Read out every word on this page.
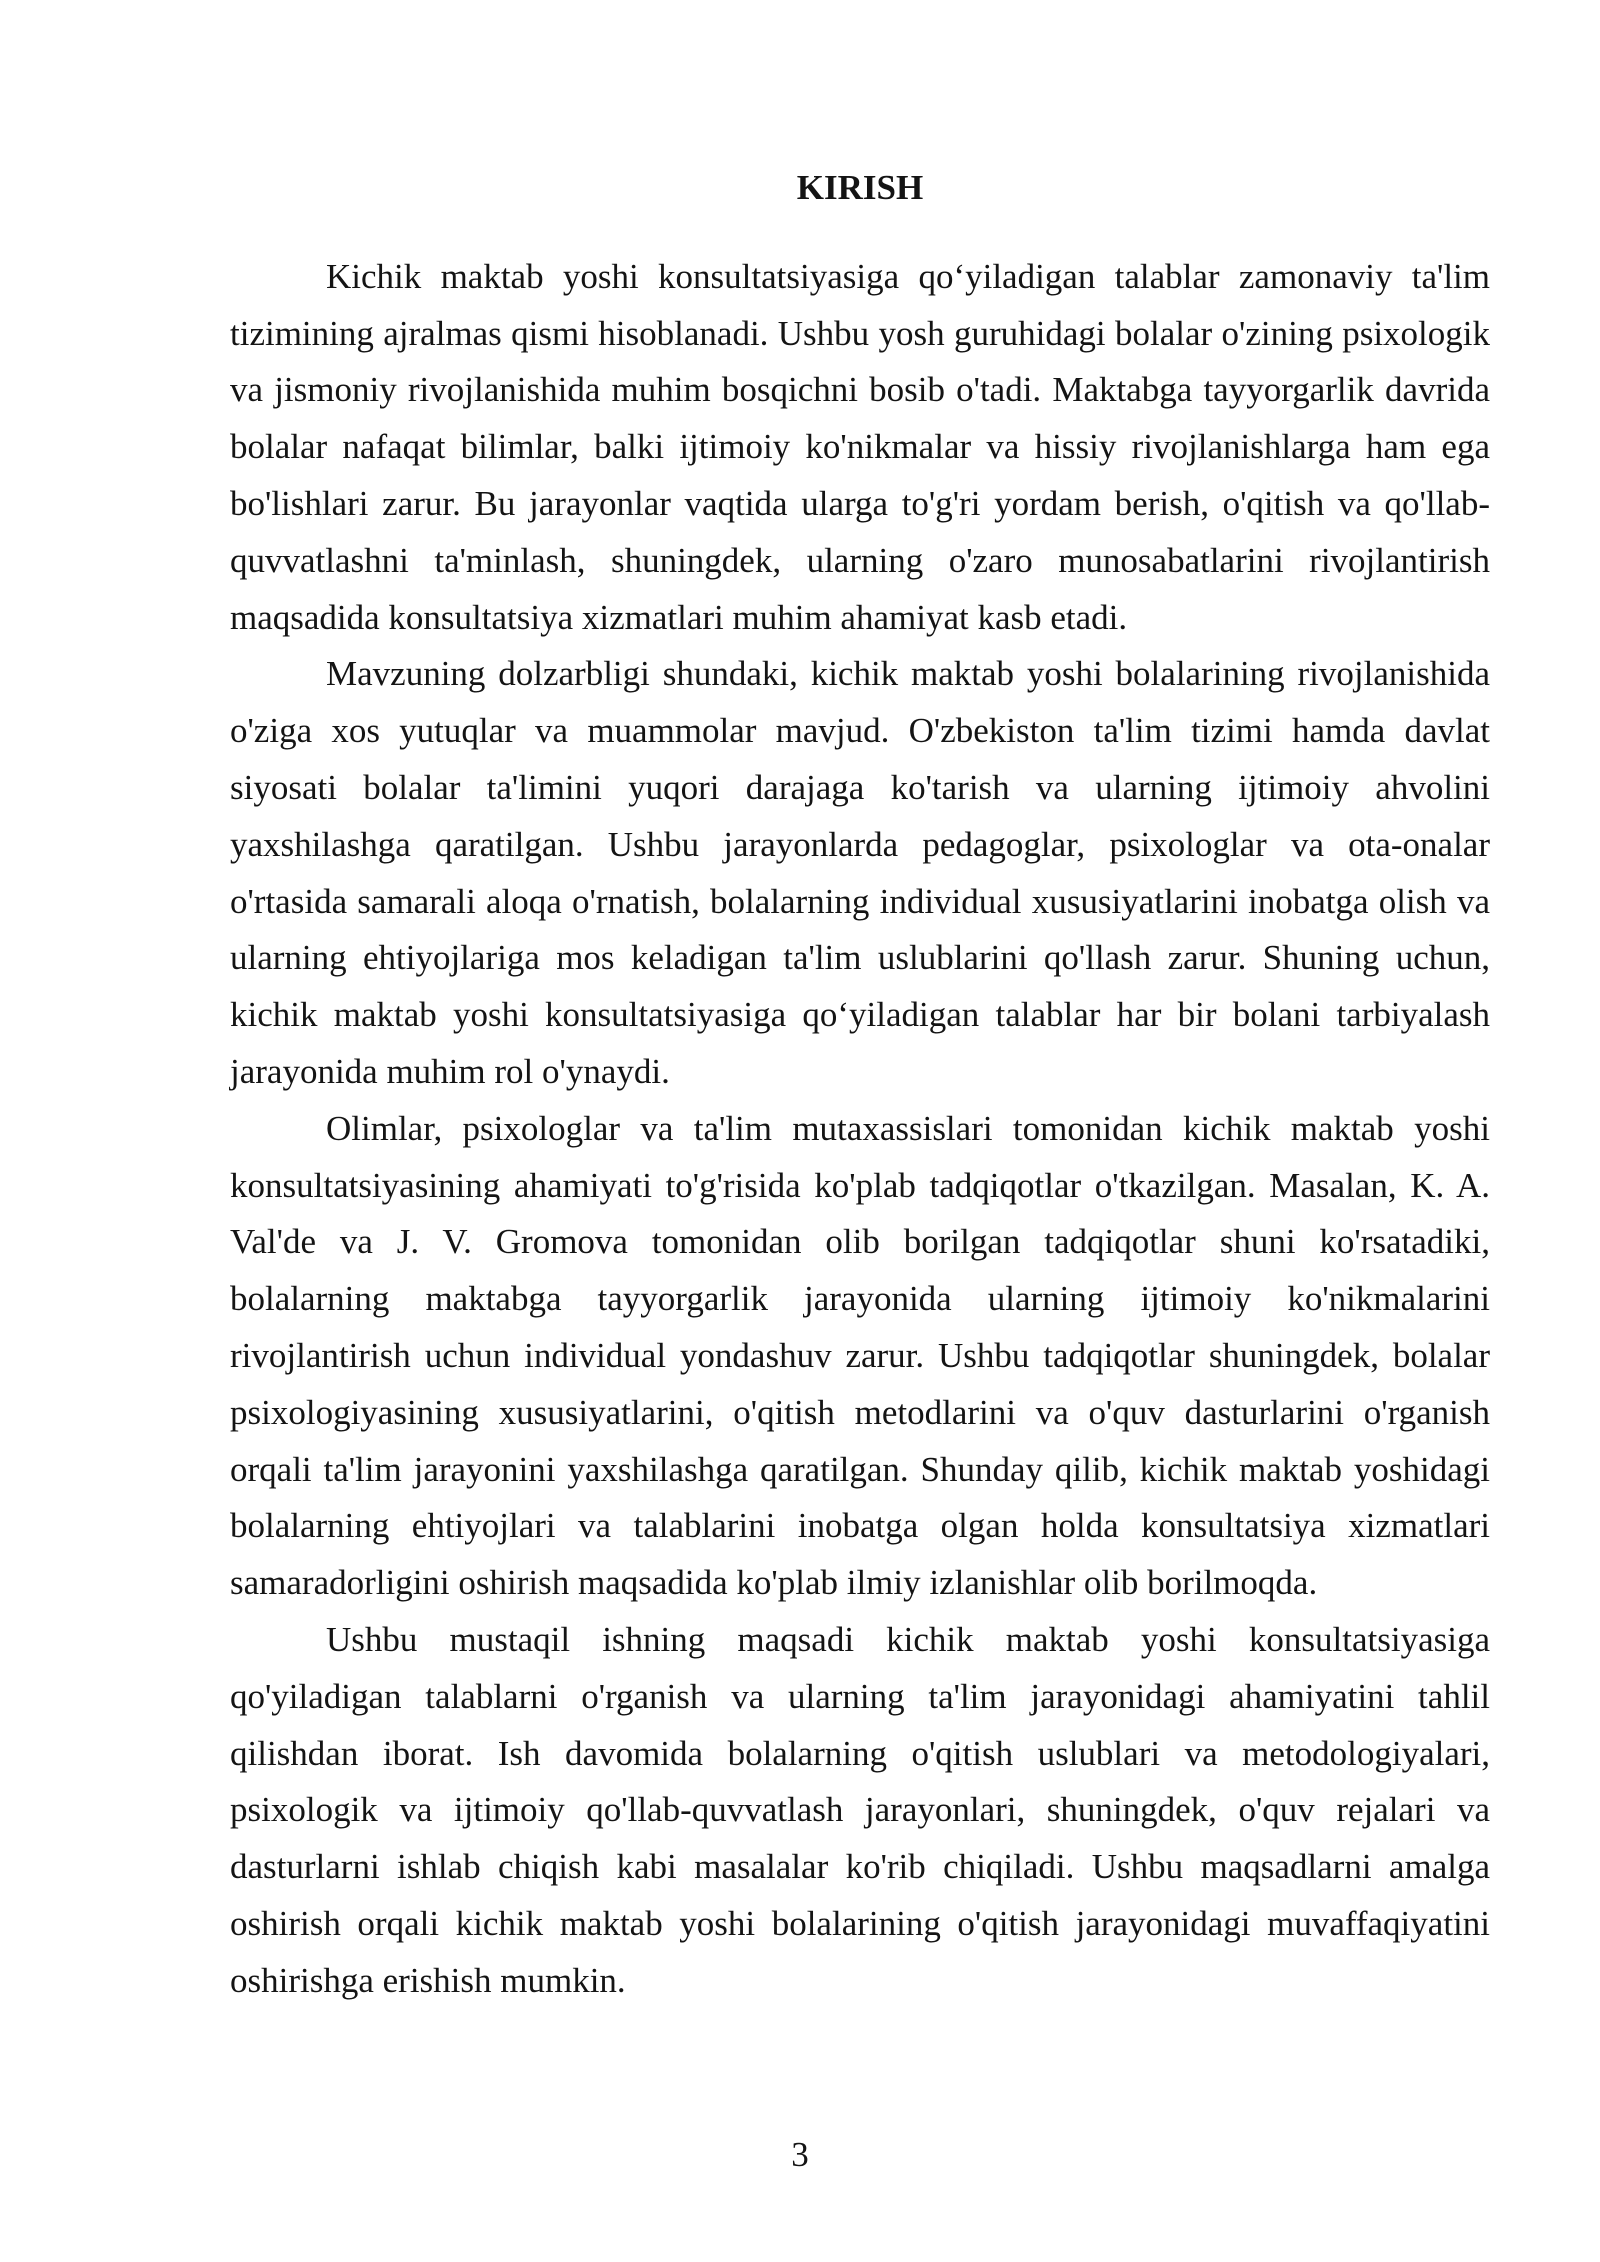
KIRISH

Kichik maktab yoshi konsultatsiyasiga qo‘yiladigan talablar zamonaviy ta'lim tizimining ajralmas qismi hisoblanadi. Ushbu yosh guruhidagi bolalar o'zining psixologik va jismoniy rivojlanishida muhim bosqichni bosib o'tadi. Maktabga tayyorgarlik davrida bolalar nafaqat bilimlar, balki ijtimoiy ko'nikmalar va hissiy rivojlanishlarga ham ega bo'lishlari zarur. Bu jarayonlar vaqtida ularga to'g'ri yordam berish, o'qitish va qo'llab-quvvatlashni ta'minlash, shuningdek, ularning o'zaro munosabatlarini rivojlantirish maqsadida konsultatsiya xizmatlari muhim ahamiyat kasb etadi.

Mavzuning dolzarbligi shundaki, kichik maktab yoshi bolalarining rivojlanishida o'ziga xos yutuqlar va muammolar mavjud. O'zbekiston ta'lim tizimi hamda davlat siyosati bolalar ta'limini yuqori darajaga ko'tarish va ularning ijtimoiy ahvolini yaxshilashga qaratilgan. Ushbu jarayonlarda pedagoglar, psixologlar va ota-onalar o'rtasida samarali aloqa o'rnatish, bolalarning individual xususiyatlarini inobatga olish va ularning ehtiyojlariga mos keladigan ta'lim uslublarini qo'llash zarur. Shuning uchun, kichik maktab yoshi konsultatsiyasiga qo‘yiladigan talablar har bir bolani tarbiyalash jarayonida muhim rol o'ynaydi.

Olimlar, psixologlar va ta'lim mutaxassislari tomonidan kichik maktab yoshi konsultatsiyasining ahamiyati to'g'risida ko'plab tadqiqotlar o'tkazilgan. Masalan, K. A. Val'de va J. V. Gromova tomonidan olib borilgan tadqiqotlar shuni ko'rsatadiki, bolalarning maktabga tayyorgarlik jarayonida ularning ijtimoiy ko'nikmalarini rivojlantirish uchun individual yondashuv zarur. Ushbu tadqiqotlar shuningdek, bolalar psixologiyasining xususiyatlarini, o'qitish metodlarini va o'quv dasturlarini o'rganish orqali ta'lim jarayonini yaxshilashga qaratilgan. Shunday qilib, kichik maktab yoshidagi bolalarning ehtiyojlari va talablarini inobatga olgan holda konsultatsiya xizmatlari samaradorligini oshirish maqsadida ko'plab ilmiy izlanishlar olib borilmoqda.

Ushbu mustaqil ishning maqsadi kichik maktab yoshi konsultatsiyasiga qo'yiladigan talablarni o'rganish va ularning ta'lim jarayonidagi ahamiyatini tahlil qilishdan iborat. Ish davomida bolalarning o'qitish uslublari va metodologiyalari, psixologik va ijtimoiy qo'llab-quvvatlash jarayonlari, shuningdek, o'quv rejalari va dasturlarni ishlab chiqish kabi masalalar ko'rib chiqiladi. Ushbu maqsadlarni amalga oshirish orqali kichik maktab yoshi bolalarining o'qitish jarayonidagi muvaffaqiyatini oshirishga erishish mumkin.

3
